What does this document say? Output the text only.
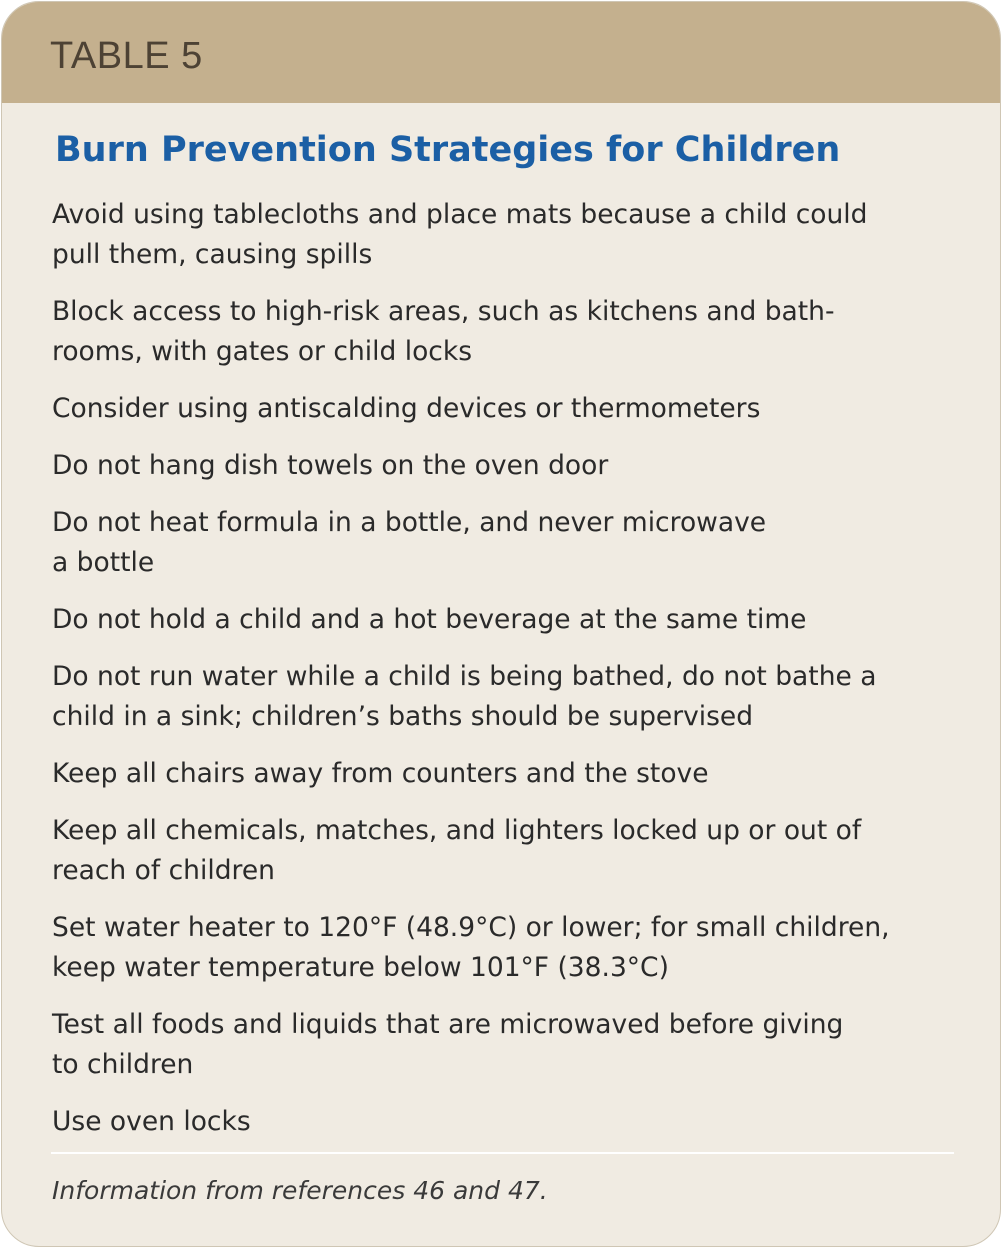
TABLE 5
Burn Prevention Strategies for Children
Avoid using tablecloths and place mats because a child could
pull them, causing spills
Block access to high-risk areas, such as kitchens and bath-
rooms, with gates or child locks
Consider using antiscalding devices or thermometers
Do not hang dish towels on the oven door
Do not heat formula in a bottle, and never microwave
a bottle
Do not hold a child and a hot beverage at the same time
Do not run water while a child is being bathed, do not bathe a
child in a sink; children’s baths should be supervised
Keep all chairs away from counters and the stove
Keep all chemicals, matches, and lighters locked up or out of
reach of children
Set water heater to 120°F (48.9°C) or lower; for small children,
keep water temperature below 101°F (38.3°C)
Test all foods and liquids that are microwaved before giving
to children
Use oven locks
Information from references 46 and 47.
